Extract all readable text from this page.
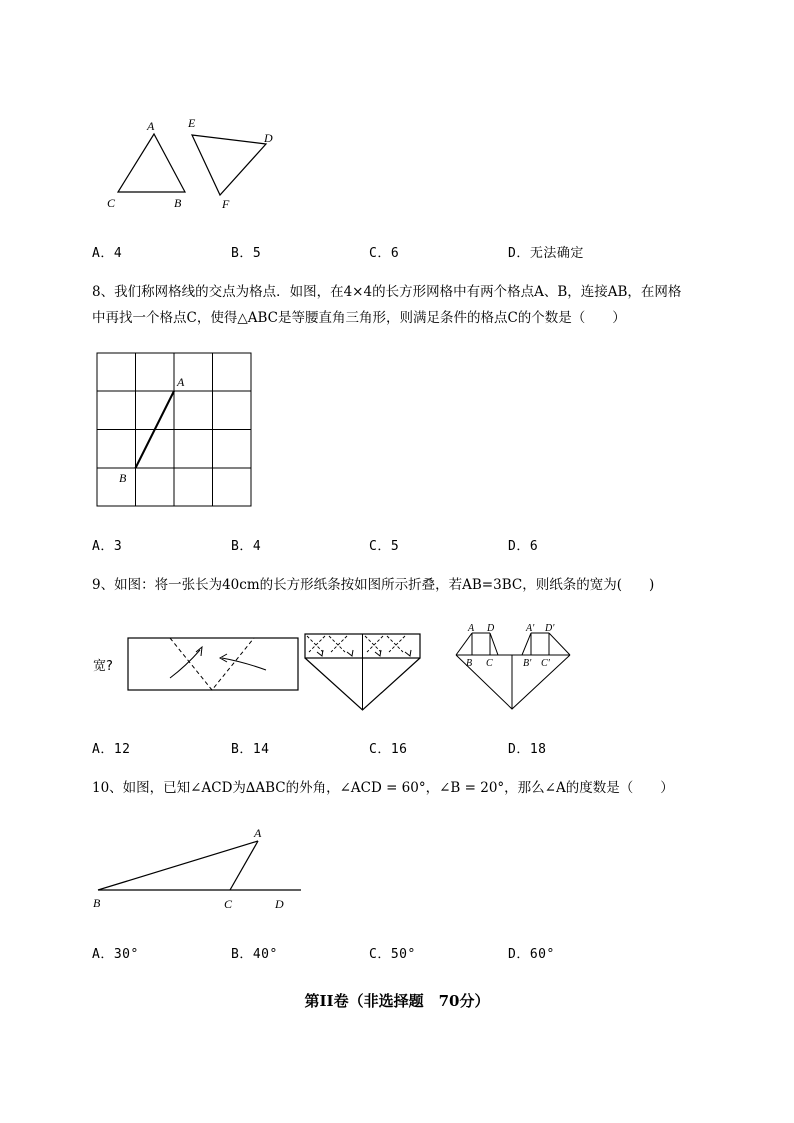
A
C	B
E
D
F
A．4	B．5	C．6	D．无法确定
8、我们称网格线的交点为格点．如图，在4×4的长方形网格中有两个格点A、B，连接AB，在网格
中再找一个格点C，使得△ABC是等腰直角三角形，则满足条件的格点C的个数是（　　）
A
B
A．3	B．4	C．5	D．6
9、如图：将一张长为40cm的长方形纸条按如图所示折叠，若AB=3BC，则纸条的宽为(　　)
宽?
A D
B C
A' D'
B' C'
A．12	B．14	C．16	D．18
10、如图，已知∠ACD为∆ABC的外角，∠ACD = 60°，∠B = 20°，那么∠A的度数是（　　）
A
B	C	D
A．30°	B．40°	C．50°	D．60°
第II卷（非选择题　70分）
